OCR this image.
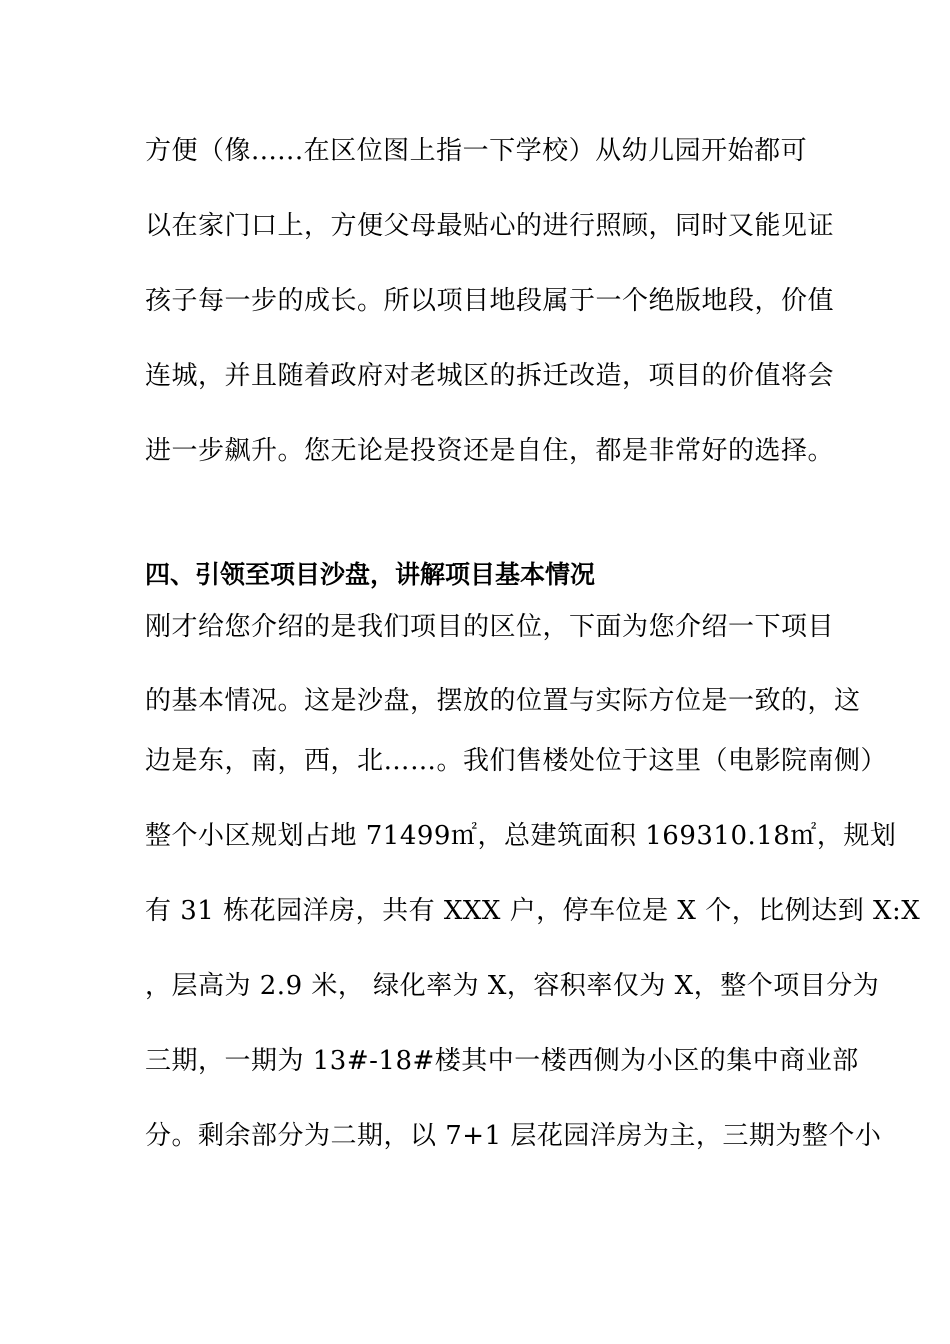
方便（像......在区位图上指一下学校）从幼儿园开始都可
以在家门口上，方便父母最贴心的进行照顾，同时又能见证
孩子每一步的成长。所以项目地段属于一个绝版地段，价值
连城，并且随着政府对老城区的拆迁改造，项目的价值将会
进一步飙升。您无论是投资还是自住，都是非常好的选择。
四、引领至项目沙盘，讲解项目基本情况
刚才给您介绍的是我们项目的区位，下面为您介绍一下项目
的基本情况。这是沙盘，摆放的位置与实际方位是一致的，这
边是东，南，西，北……。我们售楼处位于这里（电影院南侧）
整个小区规划占地 71499㎡，总建筑面积 169310.18㎡，规划
有 31 栋花园洋房，共有 XXX 户，停车位是 X 个，比例达到 X:X
，层高为 2.9 米， 绿化率为 X，容积率仅为 X，整个项目分为
三期，一期为 13#-18#楼其中一楼西侧为小区的集中商业部
分。剩余部分为二期，以 7+1 层花园洋房为主，三期为整个小
